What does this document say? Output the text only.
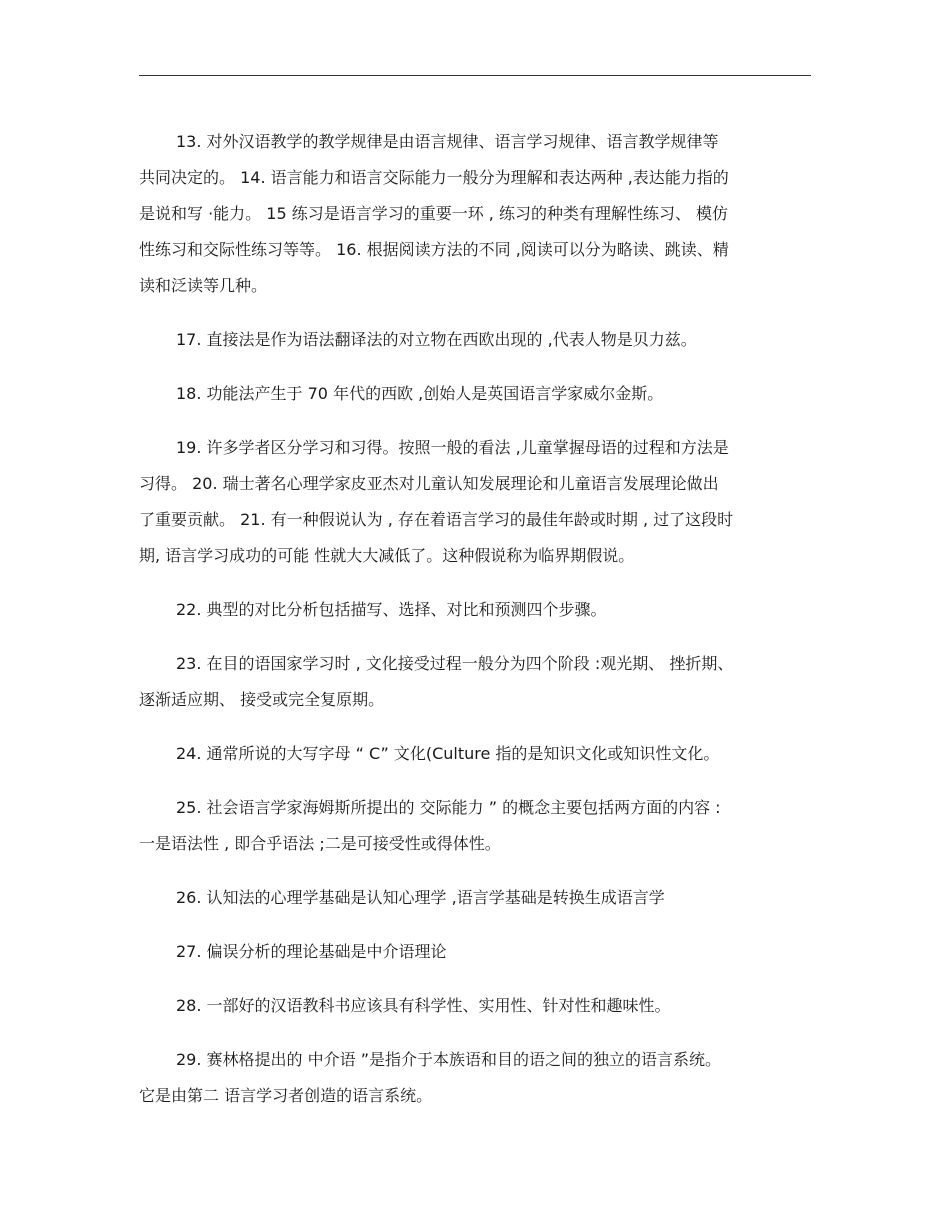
13. 对外汉语教学的教学规律是由语言规律、语言学习规律、语言教学规律等
共同决定的。 14. 语言能力和语言交际能力一般分为理解和表达两种 ,表达能力指的
是说和写 ·能力。 15 练习是语言学习的重要一环 , 练习的种类有理解性练习、 模仿
性练习和交际性练习等等。 16. 根据阅读方法的不同 ,阅读可以分为略读、跳读、精
读和泛读等几种。

17. 直接法是作为语法翻译法的对立物在西欧出现的 ,代表人物是贝力兹。

18. 功能法产生于 70 年代的西欧 ,创始人是英国语言学家威尔金斯。

19. 许多学者区分学习和习得。按照一般的看法 ,儿童掌握母语的过程和方法是
习得。 20. 瑞士著名心理学家皮亚杰对儿童认知发展理论和儿童语言发展理论做出
了重要贡献。 21. 有一种假说认为 , 存在着语言学习的最佳年龄或时期 , 过了这段时
期, 语言学习成功的可能 性就大大减低了。这种假说称为临界期假说。

22. 典型的对比分析包括描写、选择、对比和预测四个步骤。

23. 在目的语国家学习时 , 文化接受过程一般分为四个阶段 :观光期、 挫折期、
逐渐适应期、 接受或完全复原期。

24. 通常所说的大写字母 “ C” 文化(Culture 指的是知识文化或知识性文化。

25. 社会语言学家海姆斯所提出的 交际能力 ” 的概念主要包括两方面的内容 :
一是语法性 , 即合乎语法 ;二是可接受性或得体性。

26. 认知法的心理学基础是认知心理学 ,语言学基础是转换生成语言学

27. 偏误分析的理论基础是中介语理论

28. 一部好的汉语教科书应该具有科学性、实用性、针对性和趣味性。

29. 赛林格提出的 中介语 ”是指介于本族语和目的语之间的独立的语言系统。
它是由第二 语言学习者创造的语言系统。
